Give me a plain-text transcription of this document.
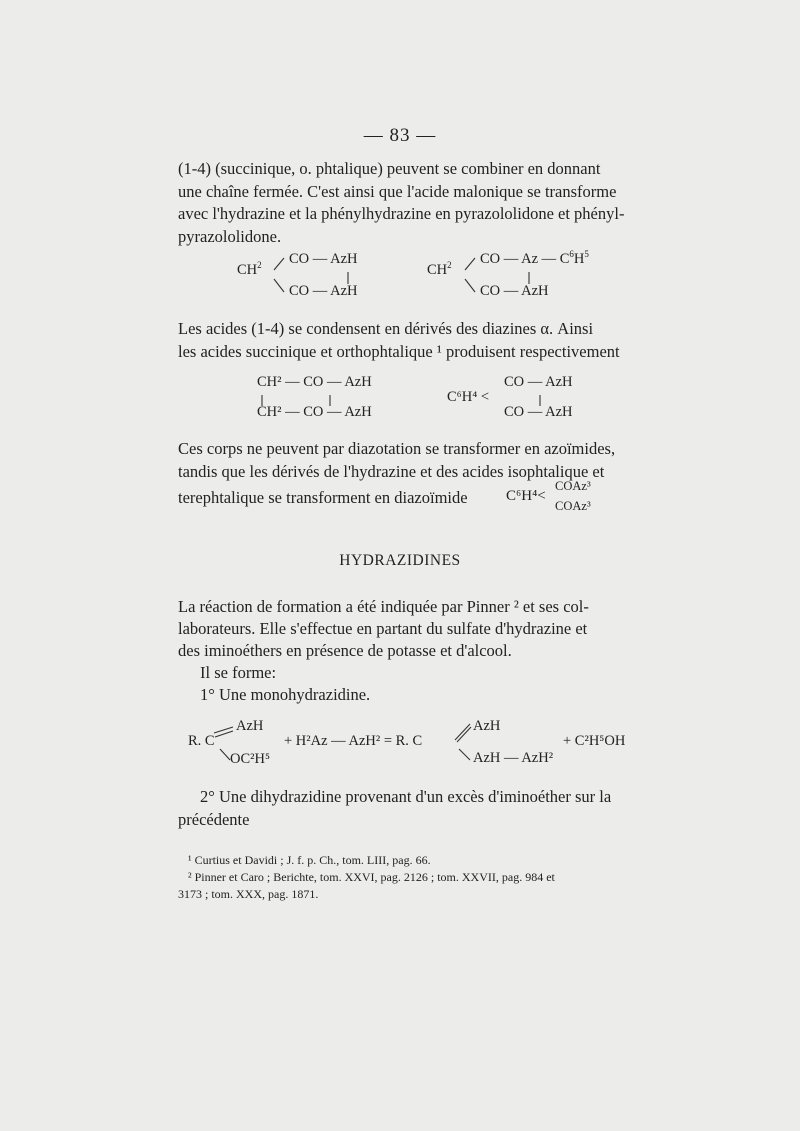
— 83 —

(1-4) (succinique, o. phtalique) peuvent se combiner en donnant
une chaîne fermée. C'est ainsi que l'acide malonique se transforme
avec l'hydrazine et la phénylhydrazine en pyrazololidone et phényl-
pyrazololidone.

$CH^2$ CO — AzH
CO — AzH
$CH^2$ CO — Az — $C^6H^5$
CO — AzH

Les acides (1-4) se condensent en dérivés des diazines α. Ainsi
les acides succinique et orthophtalique ¹ produisent respectivement

CH² — CO — AzH
CH² — CO — AzH
C⁶H⁴ <
CO — AzH
CO — AzH

Ces corps ne peuvent par diazotation se transformer en azoïmides,
tandis que les dérivés de l'hydrazine et des acides isophtalique et

terephtalique se transforment en diazoïmide	C⁶H⁴<
COAz³
COAz³
HYDRAZIDINES

La réaction de formation a été indiquée par Pinner ² et ses col-
laborateurs. Elle s'effectue en partant du sulfate d'hydrazine et
des iminoéthers en présence de potasse et d'alcool.
Il se forme:
1° Une monohydrazidine.

R. C
AzH
OC²H⁵
+ H²Az — AzH² = R. C
AzH
AzH — AzH²
+ C²H⁵OH

2° Une dihydrazidine provenant d'un excès d'iminoéther sur la
précédente

¹ Curtius et Davidi ; J. f. p. Ch., tom. LIII, pag. 66.
² Pinner et Caro ; Berichte, tom. XXVI, pag. 2126 ; tom. XXVII, pag. 984 et
3173 ; tom. XXX, pag. 1871.
